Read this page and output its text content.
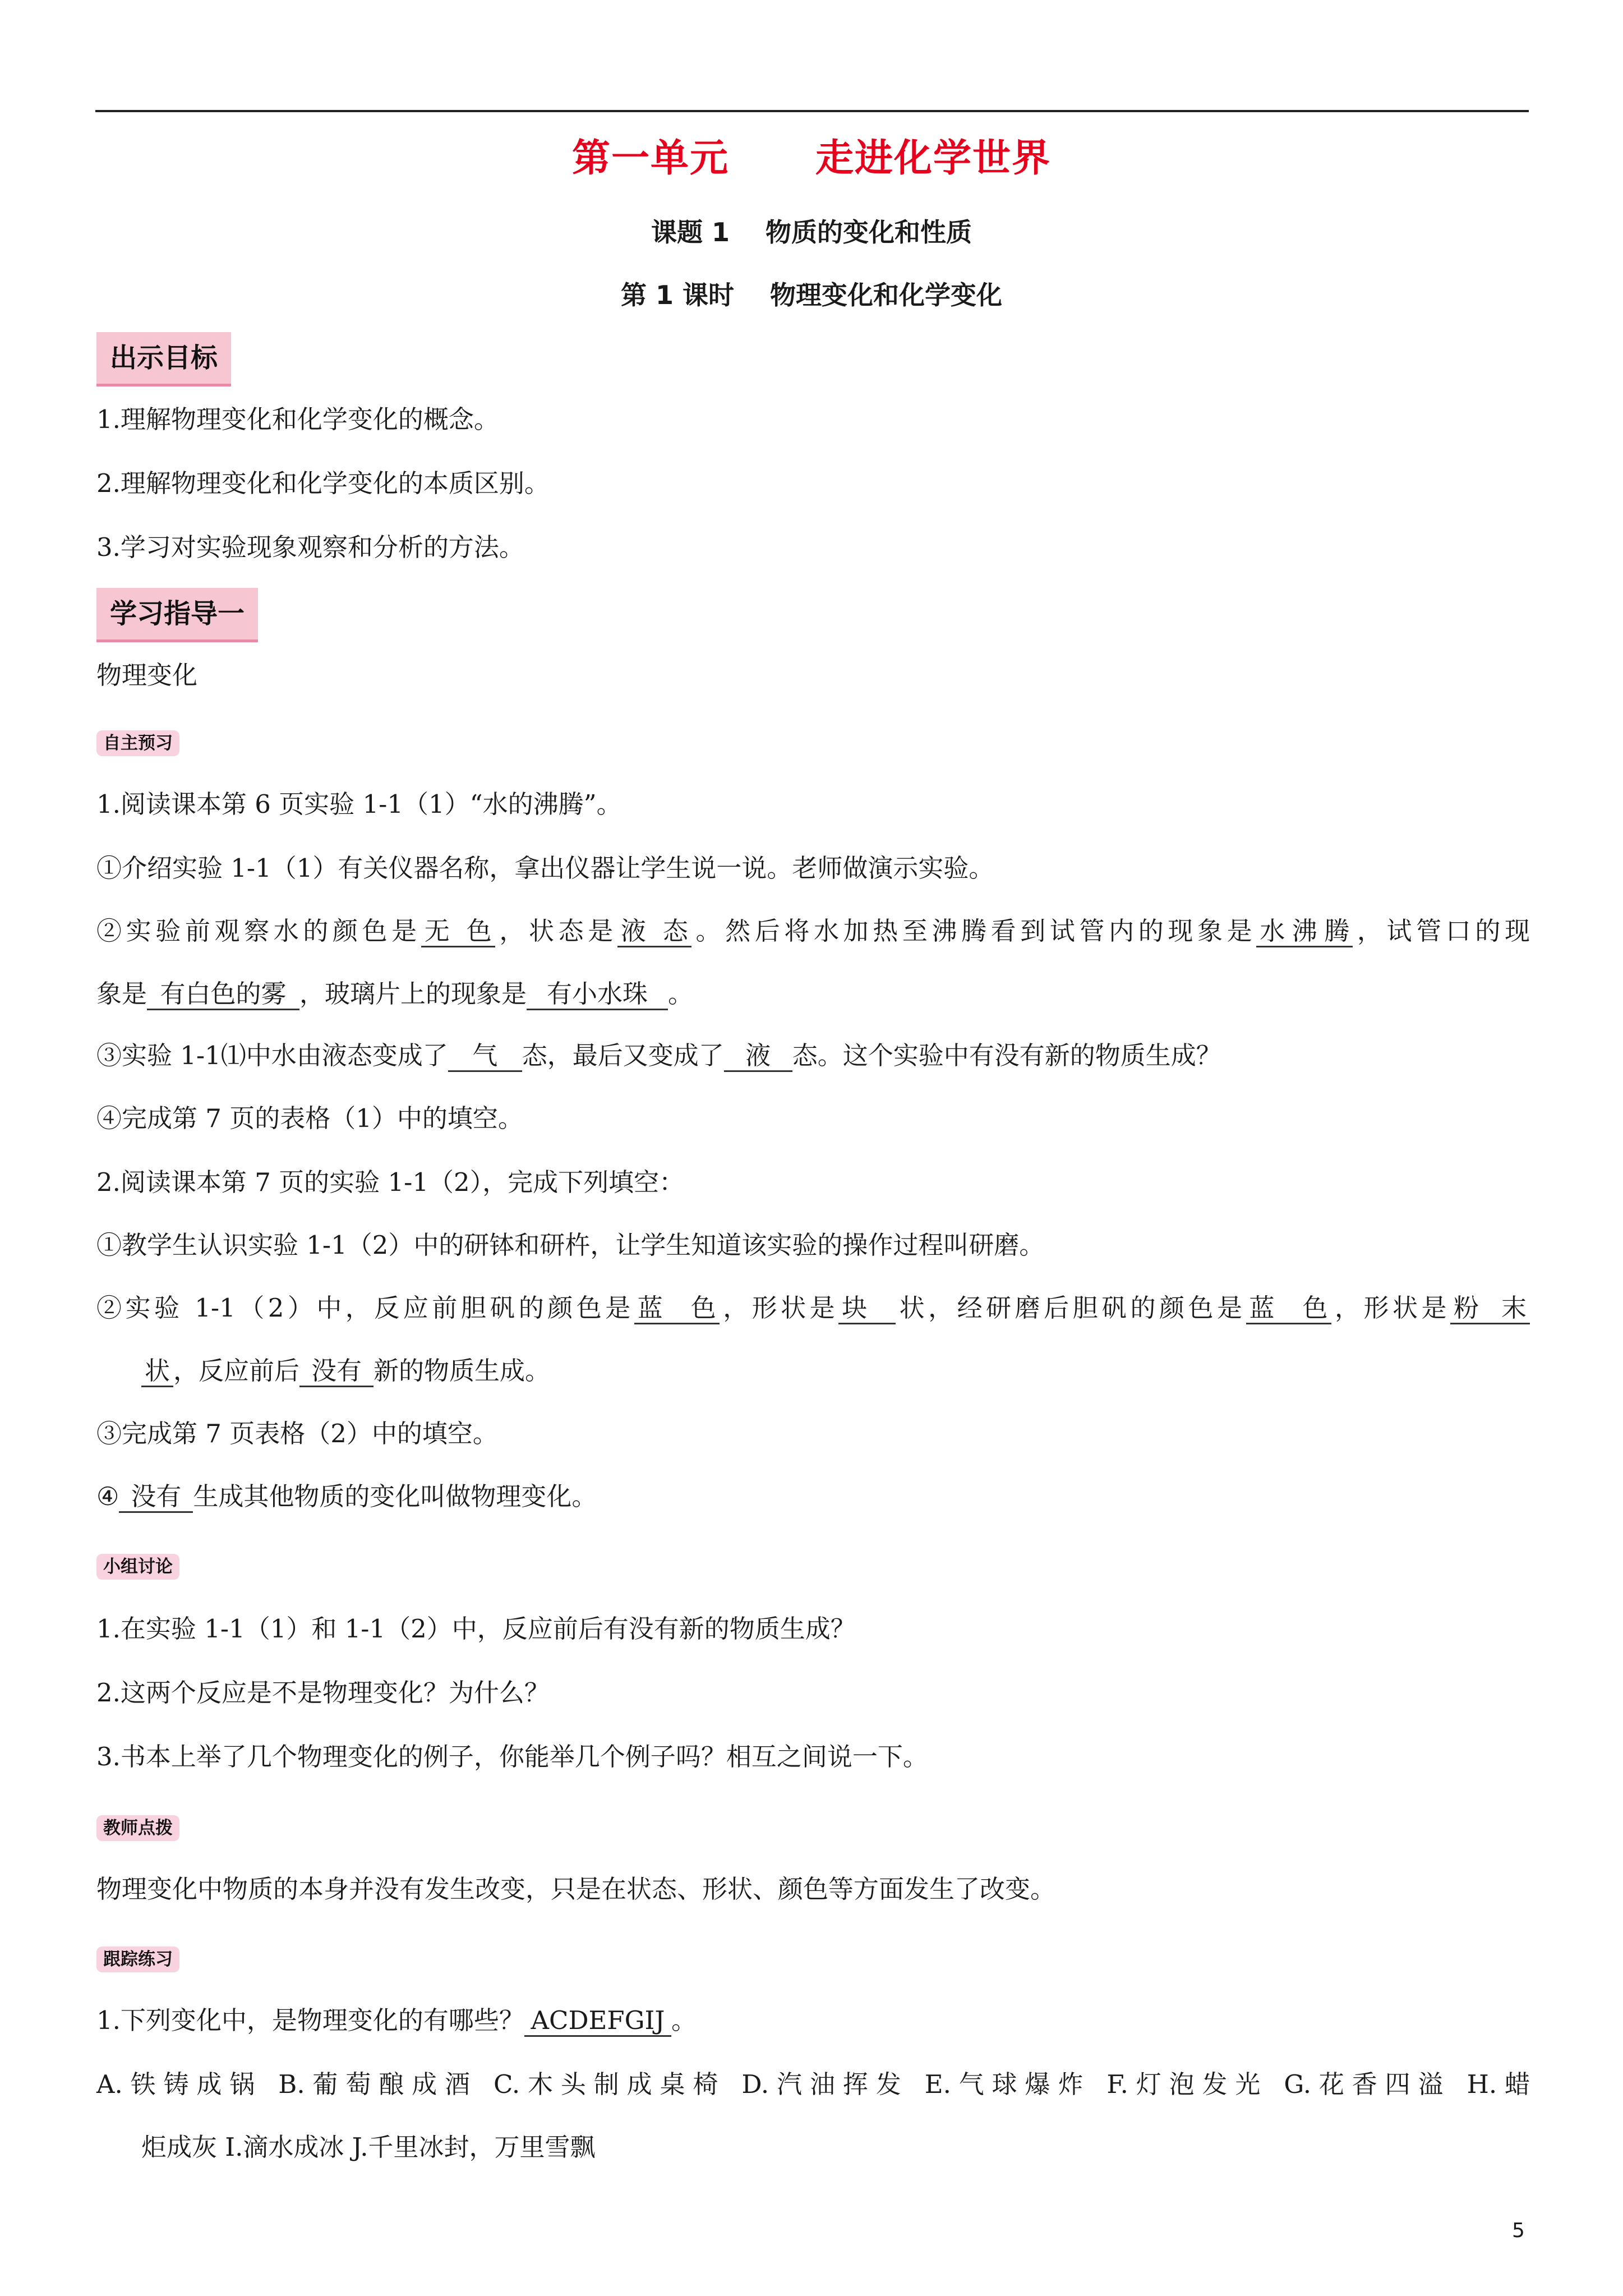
第一单元      走进化学世界
课题 1    物质的变化和性质
第 1 课时    物理变化和化学变化
出示目标
1.理解物理变化和化学变化的概念。
2.理解物理变化和化学变化的本质区别。
3.学习对实验现象观察和分析的方法。
学习指导一
物理变化
自主预习
1.阅读课本第 6 页实验 1-1（1）“水的沸腾”。
①介绍实验 1-1（1）有关仪器名称，拿出仪器让学生说一说。老师做演示实验。
②实验前观察水的颜色是 无色 ，状态是 液态 。然后将水加热至沸腾看到试管内的现象是 水沸腾 ，试管口的现
象是 有白色的雾 ，玻璃片上的现象是 有小水珠 。
③实验 1-1⑴中水由液态变成了 气 态，最后又变成了 液 态。这个实验中有没有新的物质生成？
④完成第 7 页的表格（1）中的填空。
2.阅读课本第 7 页的实验 1-1（2），完成下列填空：
①教学生认识实验 1-1（2）中的研钵和研杵，让学生知道该实验的操作过程叫研磨。
②实验 1-1（2）中，反应前胆矾的颜色是 蓝色 ，形状是 块 状，经研磨后胆矾的颜色是 蓝色 ，形状是 粉末
状 ，反应前后 没有 新的物质生成。
③完成第 7 页表格（2）中的填空。
④ 没有 生成其他物质的变化叫做物理变化。
小组讨论
1.在实验 1-1（1）和 1-1（2）中，反应前后有没有新的物质生成？
2.这两个反应是不是物理变化？为什么？
3.书本上举了几个物理变化的例子，你能举几个例子吗？相互之间说一下。
教师点拨
物理变化中物质的本身并没有发生改变，只是在状态、形状、颜色等方面发生了改变。
跟踪练习
1.下列变化中，是物理变化的有哪些？ ACDEFGIJ 。
A.铁铸成锅 B.葡萄酿成酒 C.木头制成桌椅 D.汽油挥发 E.气球爆炸 F.灯泡发光 G.花香四溢 H.蜡
炬成灰 I.滴水成冰 J.千里冰封，万里雪飘
5
